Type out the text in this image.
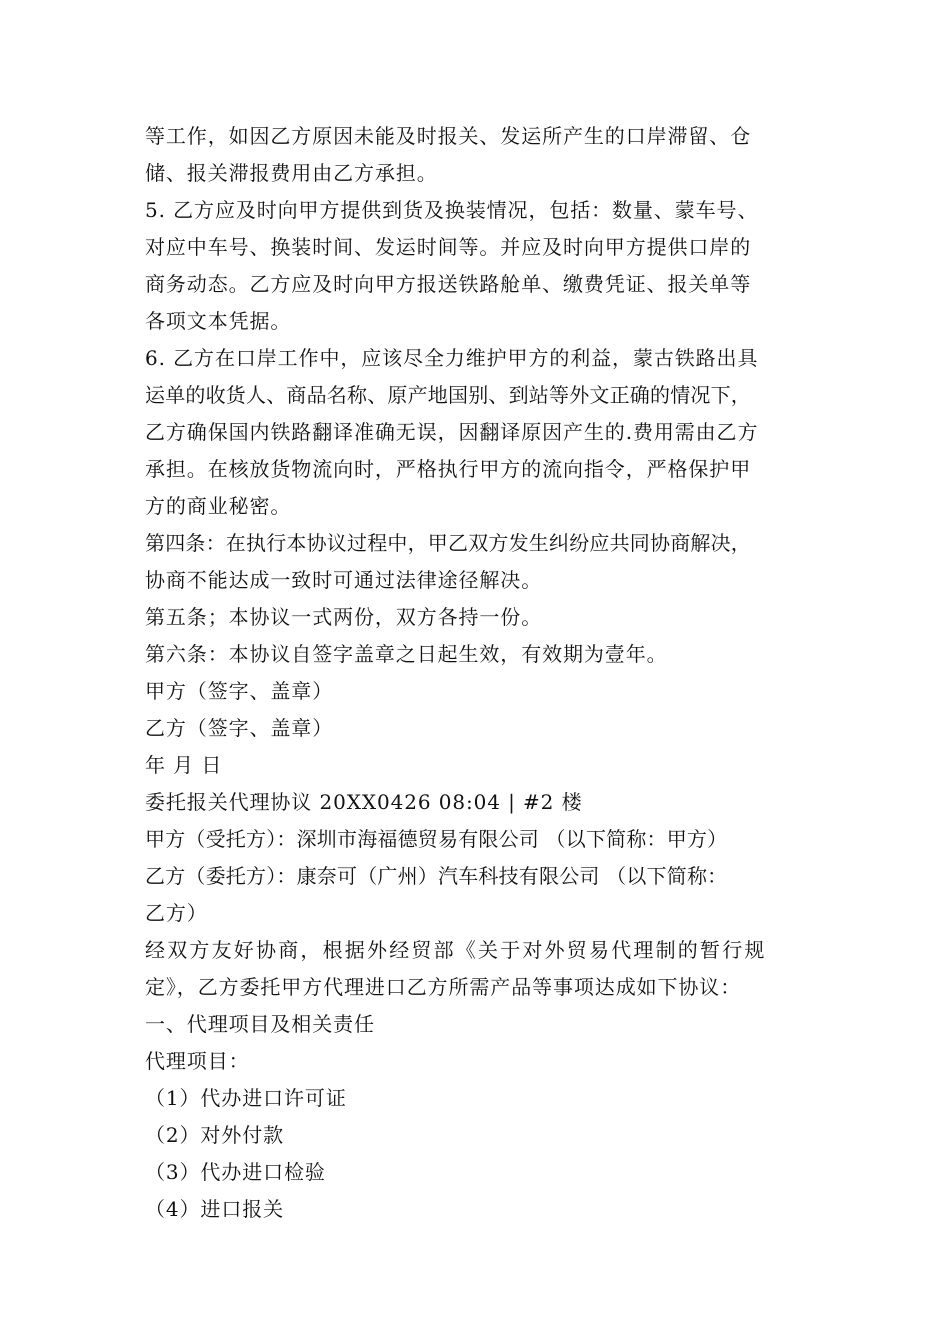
等工作，如因乙方原因未能及时报关、发运所产生的口岸滞留、仓
储、报关滞报费用由乙方承担。
5. 乙方应及时向甲方提供到货及换装情况，包括：数量、蒙车号、
对应中车号、换装时间、发运时间等。并应及时向甲方提供口岸的
商务动态。乙方应及时向甲方报送铁路舱单、缴费凭证、报关单等
各项文本凭据。
6. 乙方在口岸工作中，应该尽全力维护甲方的利益，蒙古铁路出具
运单的收货人、商品名称、原产地国别、到站等外文正确的情况下，
乙方确保国内铁路翻译准确无误，因翻译原因产生的.费用需由乙方
承担。在核放货物流向时，严格执行甲方的流向指令，严格保护甲
方的商业秘密。
第四条：在执行本协议过程中，甲乙双方发生纠纷应共同协商解决，
协商不能达成一致时可通过法律途径解决。
第五条；本协议一式两份，双方各持一份。
第六条：本协议自签字盖章之日起生效，有效期为壹年。
甲方（签字、盖章）
乙方（签字、盖章）
年 月 日
委托报关代理协议 20XX0426 08:04 | #2 楼
甲方（受托方）：深圳市海福德贸易有限公司 （以下简称：甲方）
乙方（委托方）：康奈可（广州）汽车科技有限公司 （以下简称：
乙方）
经双方友好协商，根据外经贸部《关于对外贸易代理制的暂行规
定》，乙方委托甲方代理进口乙方所需产品等事项达成如下协议：
一、代理项目及相关责任
代理项目：
（1）代办进口许可证
（2）对外付款
（3）代办进口检验
（4）进口报关
